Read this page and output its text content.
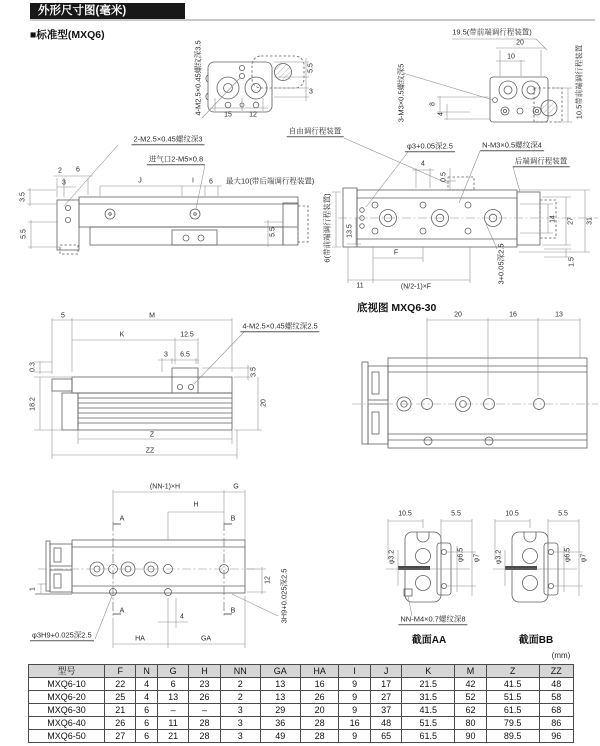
外形尺寸图(毫米)
■标准型(MXQ6)
4-M2.5×0.45螺纹深3.5	15 12
5.5
3
19.5(带前端调行程装置)
20
10
3-M3×0.5螺纹深5	8
4	10.5带前端调行程装置
2-M2.5×0.45螺纹深3
进气口2-M5×0.8
2 6
3
3.5
5.5
J	I 6 最大10(带后端调行程装置)
5.5
自由调行程装置
φ3+0.05深2.5	N-M3×0.5螺纹深4
后端调行程装置
4
0.5
6(带前端调行程装置) 13.5
14 27 31
1.5
F
11	(N/2-1)×F
3+0.05深2.5
底视图 MXQ6-30
20	16	13
5	M
K	12.5
3 6.5
4-M2.5×0.45螺纹深2.5
0.3
18.2
3.5
20
Z
ZZ
(NN-1)×H	G
H
A	B
A	B
12 3H9+0.025深2.5
1
φ3H9+0.025深2.5
4
HA	GA
10.5	5.5
φ3.2	φ6.5 φ7
NN-M4×0.7螺纹深8
截面AA
10.5	5.5
φ3.2	φ6.5 φ7
截面BB
(mm)
型号	F	N	G	H	NN	GA	HA	I	J	K	M	Z	ZZ
MXQ6-10	22	4	6	23	2	13	16	9	17	21.5	42	41.5	48
MXQ6-20	25	4	13	26	2	13	26	9	27	31.5	52	51.5	58
MXQ6-30	21	6	–	–	3	29	20	9	37	41.5	62	61.5	68
MXQ6-40	26	6	11	28	3	36	28	16	48	51.5	80	79.5	86
MXQ6-50	27	6	21	28	3	49	28	9	65	61.5	90	89.5	96
